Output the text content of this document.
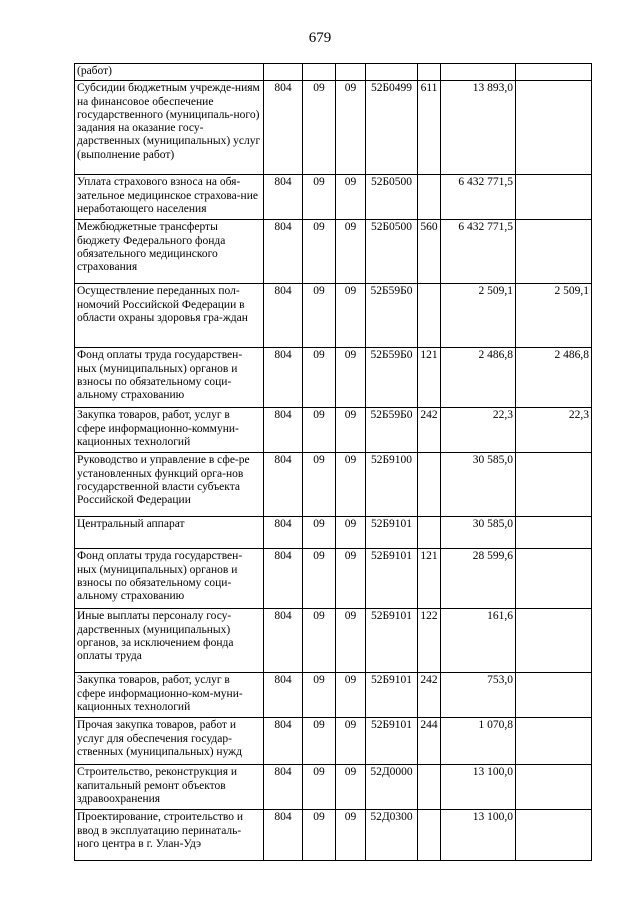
679
(работ)							
Субсидии бюджетным учрежде-ниям на финансовое обеспечение государственного (муниципаль-ного) задания на оказание госу-дарственных (муниципальных) услуг (выполнение работ)	804	09	09	52Б0499	611	13 893,0	
Уплата страхового взноса на обя-зательное медицинское страхова-ние неработающего населения	804	09	09	52Б0500		6 432 771,5	
Межбюджетные трансферты бюджету Федерального фонда обязательного медицинского страхования	804	09	09	52Б0500	560	6 432 771,5	
Осуществление переданных пол-номочий Российской Федерации в области охраны здоровья гра-ждан	804	09	09	52Б59Б0		2 509,1	2 509,1
Фонд оплаты труда государствен-ных (муниципальных) органов и взносы по обязательному соци-альному страхованию	804	09	09	52Б59Б0	121	2 486,8	2 486,8
Закупка товаров, работ, услуг в сфере информационно-коммуни-кационных технологий	804	09	09	52Б59Б0	242	22,3	22,3
Руководство и управление в сфе-ре установленных функций орга-нов государственной власти субъекта Российской Федерации	804	09	09	52Б9100		30 585,0	
Центральный аппарат	804	09	09	52Б9101		30 585,0	
Фонд оплаты труда государствен-ных (муниципальных) органов и взносы по обязательному соци-альному страхованию	804	09	09	52Б9101	121	28 599,6	
Иные выплаты персоналу госу-дарственных (муниципальных) органов, за исключением фонда оплаты труда	804	09	09	52Б9101	122	161,6	
Закупка товаров, работ, услуг в сфере информационно-ком-муни-кационных технологий	804	09	09	52Б9101	242	753,0	
Прочая закупка товаров, работ и услуг для обеспечения государ-ственных (муниципальных) нужд	804	09	09	52Б9101	244	1 070,8	
Строительство, реконструкция и капитальный ремонт объектов здравоохранения	804	09	09	52Д0000		13 100,0	
Проектирование, строительство и ввод в эксплуатацию перинаталь-ного центра в г. Улан-Удэ	804	09	09	52Д0300		13 100,0	
